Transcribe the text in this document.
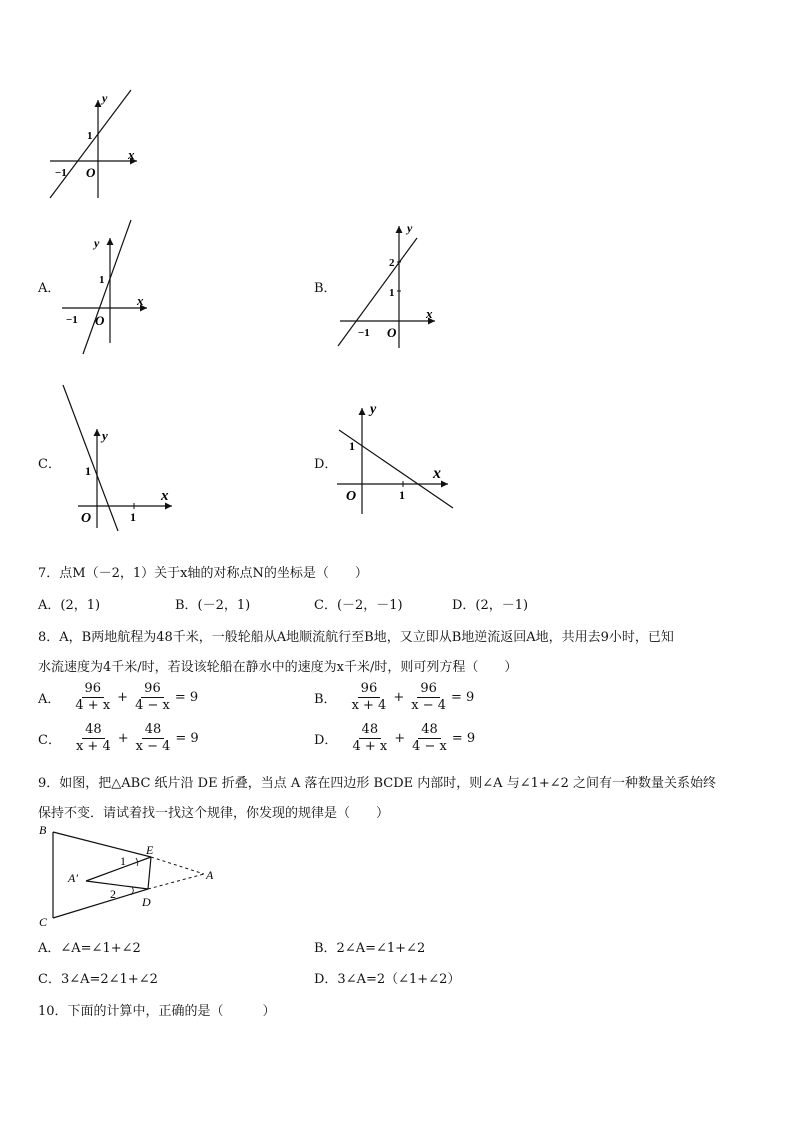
y
x
O
1
−1
A．
y
x
O
1
−1
B．
y
x
O
2
1
−1
C．
y
x
O
1
1
D．
y
x
O
1
1
7．点M（－2，1）关于x轴的对称点N的坐标是（　　）
A．(2，1)	B．(－2，1)	C．(－2，－1)	D．(2，－1)
8．A，B两地航程为48千米，一般轮船从A地顺流航行至B地，又立即从B地逆流返回A地，共用去9小时，已知
水流速度为4千米/时，若设该轮船在静水中的速度为x千米/时，则可列方程（　　）
A． $\frac{96}{4 + x} + \frac{96}{4 - x} = 9$	B． $\frac{96}{x + 4} + \frac{96}{x - 4} = 9$
C． $\frac{48}{x + 4} + \frac{48}{x - 4} = 9$	D． $\frac{48}{4 + x} + \frac{48}{4 - x} = 9$
9．如图，把△ABC 纸片沿 DE 折叠，当点 A 落在四边形 BCDE 内部时，则∠A 与∠1+∠2 之间有一种数量关系始终
保持不变．请试着找一找这个规律，你发现的规律是（　　）
B
C
E
D
A
A′
1
2
A．∠A=∠1+∠2	B．2∠A=∠1+∠2
C．3∠A=2∠1+∠2	D．3∠A=2（∠1+∠2）
10．下面的计算中，正确的是（　　　）
